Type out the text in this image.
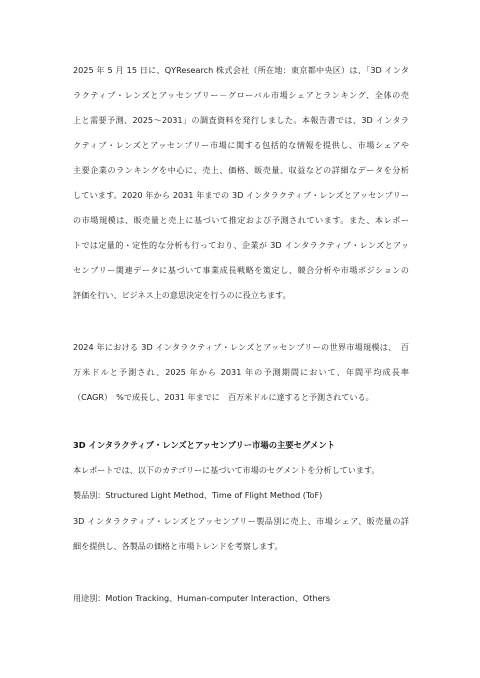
2025 年 5 月 15 日に、QYResearch 株式会社（所在地：東京都中央区）は、「3D インタ
ラクティブ・レンズとアッセンブリー－グローバル市場シェアとランキング、全体の売
上と需要予測、2025～2031」の調査資料を発行しました。本報告書では、3D インタラ
クティブ・レンズとアッセンブリー市場に関する包括的な情報を提供し、市場シェアや
主要企業のランキングを中心に、売上、価格、販売量、収益などの詳細なデータを分析
しています。2020 年から 2031 年までの 3D インタラクティブ・レンズとアッセンブリー
の市場規模は、販売量と売上に基づいて推定および予測されています。また、本レポー
トでは定量的・定性的な分析も行っており、企業が 3D インタラクティブ・レンズとアッ
センブリー関連データに基づいて事業成長戦略を策定し、競合分析や市場ポジションの
評価を行い、ビジネス上の意思決定を行うのに役立ちます。
2024 年における 3D インタラクティブ・レンズとアッセンブリーの世界市場規模は、　百
万米ドルと予測され、2025 年から 2031 年の予測期間において、年間平均成長率
（CAGR）　%で成長し、2031 年までに　百万米ドルに達すると予測されている。
3D インタラクティブ・レンズとアッセンブリー市場の主要セグメント
本レポートでは、以下のカテゴリーに基づいて市場のセグメントを分析しています。
製品別：Structured Light Method、Time of Flight Method (ToF)
3D インタラクティブ・レンズとアッセンブリー製品別に売上、市場シェア、販売量の詳
細を提供し、各製品の価格と市場トレンドを考察します。
用途別：Motion Tracking、Human-computer Interaction、Others
